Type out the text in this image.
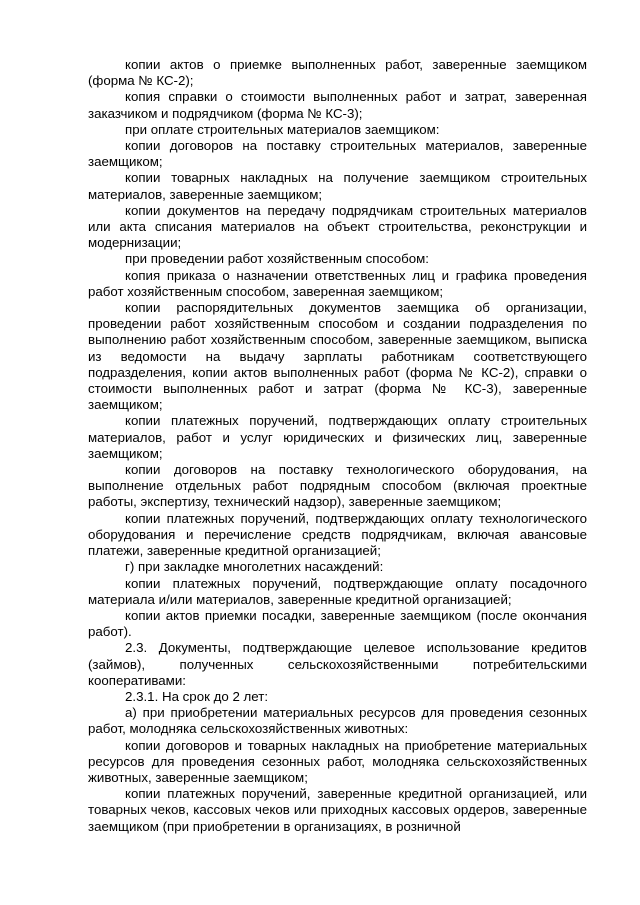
копии актов о приемке выполненных работ, заверенные заемщиком (форма № КС-2);

копия справки о стоимости выполненных работ и затрат, заверенная заказчиком и подрядчиком (форма № КС-3);

при оплате строительных материалов заемщиком:

копии договоров на поставку строительных материалов, заверенные заемщиком;

копии товарных накладных на получение заемщиком строительных материалов, заверенные заемщиком;

копии документов на передачу подрядчикам строительных материалов или акта списания материалов на объект строительства, реконструкции и модернизации;

при проведении работ хозяйственным способом:

копия приказа о назначении ответственных лиц и графика проведения работ хозяйственным способом, заверенная заемщиком;

копии распорядительных документов заемщика об организации, проведении работ хозяйственным способом и создании подразделения по выполнению работ хозяйственным способом, заверенные заемщиком, выписка из ведомости на выдачу зарплаты работникам соответствующего подразделения, копии актов выполненных работ (форма № КС-2), справки о стоимости выполненных работ и затрат (форма № КС-3), заверенные заемщиком;

копии платежных поручений, подтверждающих оплату строительных материалов, работ и услуг юридических и физических лиц, заверенные заемщиком;

копии договоров на поставку технологического оборудования, на выполнение отдельных работ подрядным способом (включая проектные работы, экспертизу, технический надзор), заверенные заемщиком;

копии платежных поручений, подтверждающих оплату технологического оборудования и перечисление средств подрядчикам, включая авансовые платежи, заверенные кредитной организацией;

г) при закладке многолетних насаждений:

копии платежных поручений, подтверждающие оплату посадочного материала и/или материалов, заверенные кредитной организацией;

копии актов приемки посадки, заверенные заемщиком (после окончания работ).

2.3. Документы, подтверждающие целевое использование кредитов (займов), полученных сельскохозяйственными потребительскими кооперативами:

2.3.1. На срок до 2 лет:

а) при приобретении материальных ресурсов для проведения сезонных работ, молодняка сельскохозяйственных животных:

копии договоров и товарных накладных на приобретение материальных ресурсов для проведения сезонных работ, молодняка сельскохозяйственных животных, заверенные заемщиком;

копии платежных поручений, заверенные кредитной организацией, или товарных чеков, кассовых чеков или приходных кассовых ордеров, заверенные заемщиком (при приобретении в организациях, в розничной
